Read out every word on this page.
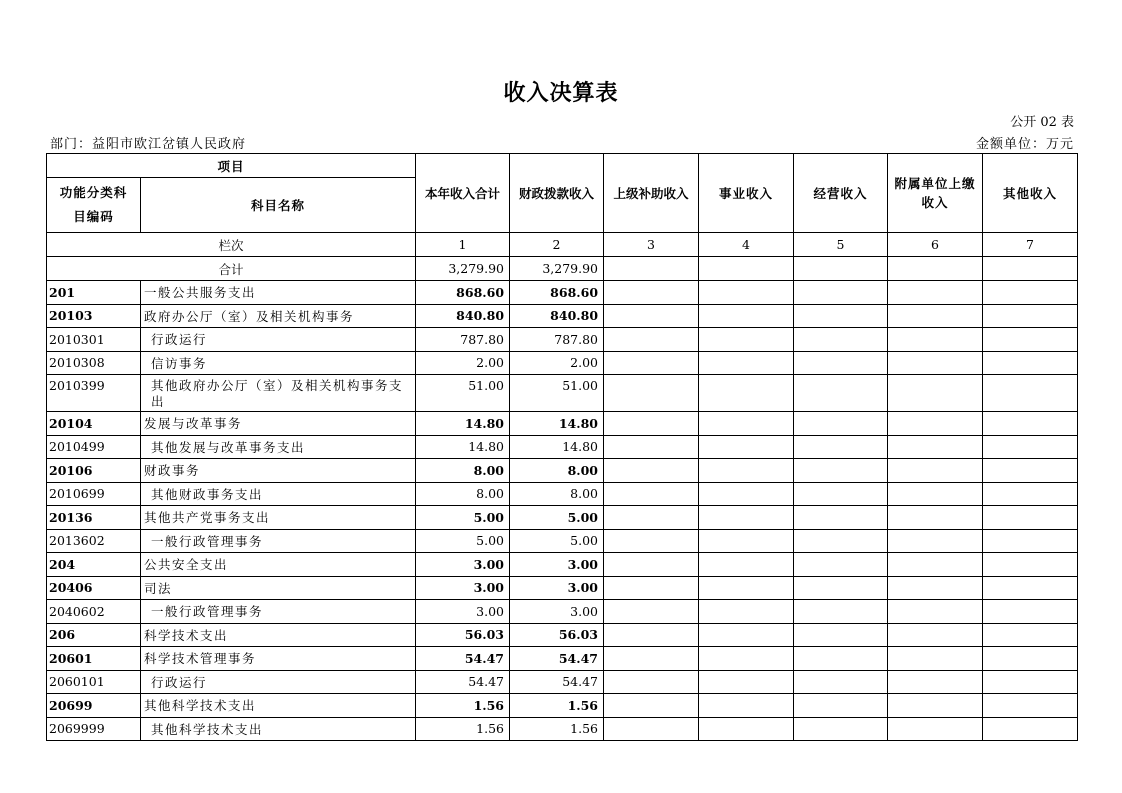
收入决算表
公开 02 表
部门：益阳市欧江岔镇人民政府	金额单位：万元
项目		本年收入合计	财政拨款收入	上级补助收入	事业收入	经营收入	附属单位上缴收入	其他收入
功能分类科目编码	科目名称							
栏次		1	2	3	4	5	6	7
合计		3,279.90	3,279.90					
201	一般公共服务支出	868.60	868.60					
20103	政府办公厅（室）及相关机构事务	840.80	840.80					
2010301	行政运行	787.80	787.80					
2010308	信访事务	2.00	2.00					
2010399	其他政府办公厅（室）及相关机构事务支出	51.00	51.00					
20104	发展与改革事务	14.80	14.80					
2010499	其他发展与改革事务支出	14.80	14.80					
20106	财政事务	8.00	8.00					
2010699	其他财政事务支出	8.00	8.00					
20136	其他共产党事务支出	5.00	5.00					
2013602	一般行政管理事务	5.00	5.00					
204	公共安全支出	3.00	3.00					
20406	司法	3.00	3.00					
2040602	一般行政管理事务	3.00	3.00					
206	科学技术支出	56.03	56.03					
20601	科学技术管理事务	54.47	54.47					
2060101	行政运行	54.47	54.47					
20699	其他科学技术支出	1.56	1.56					
2069999	其他科学技术支出	1.56	1.56					
